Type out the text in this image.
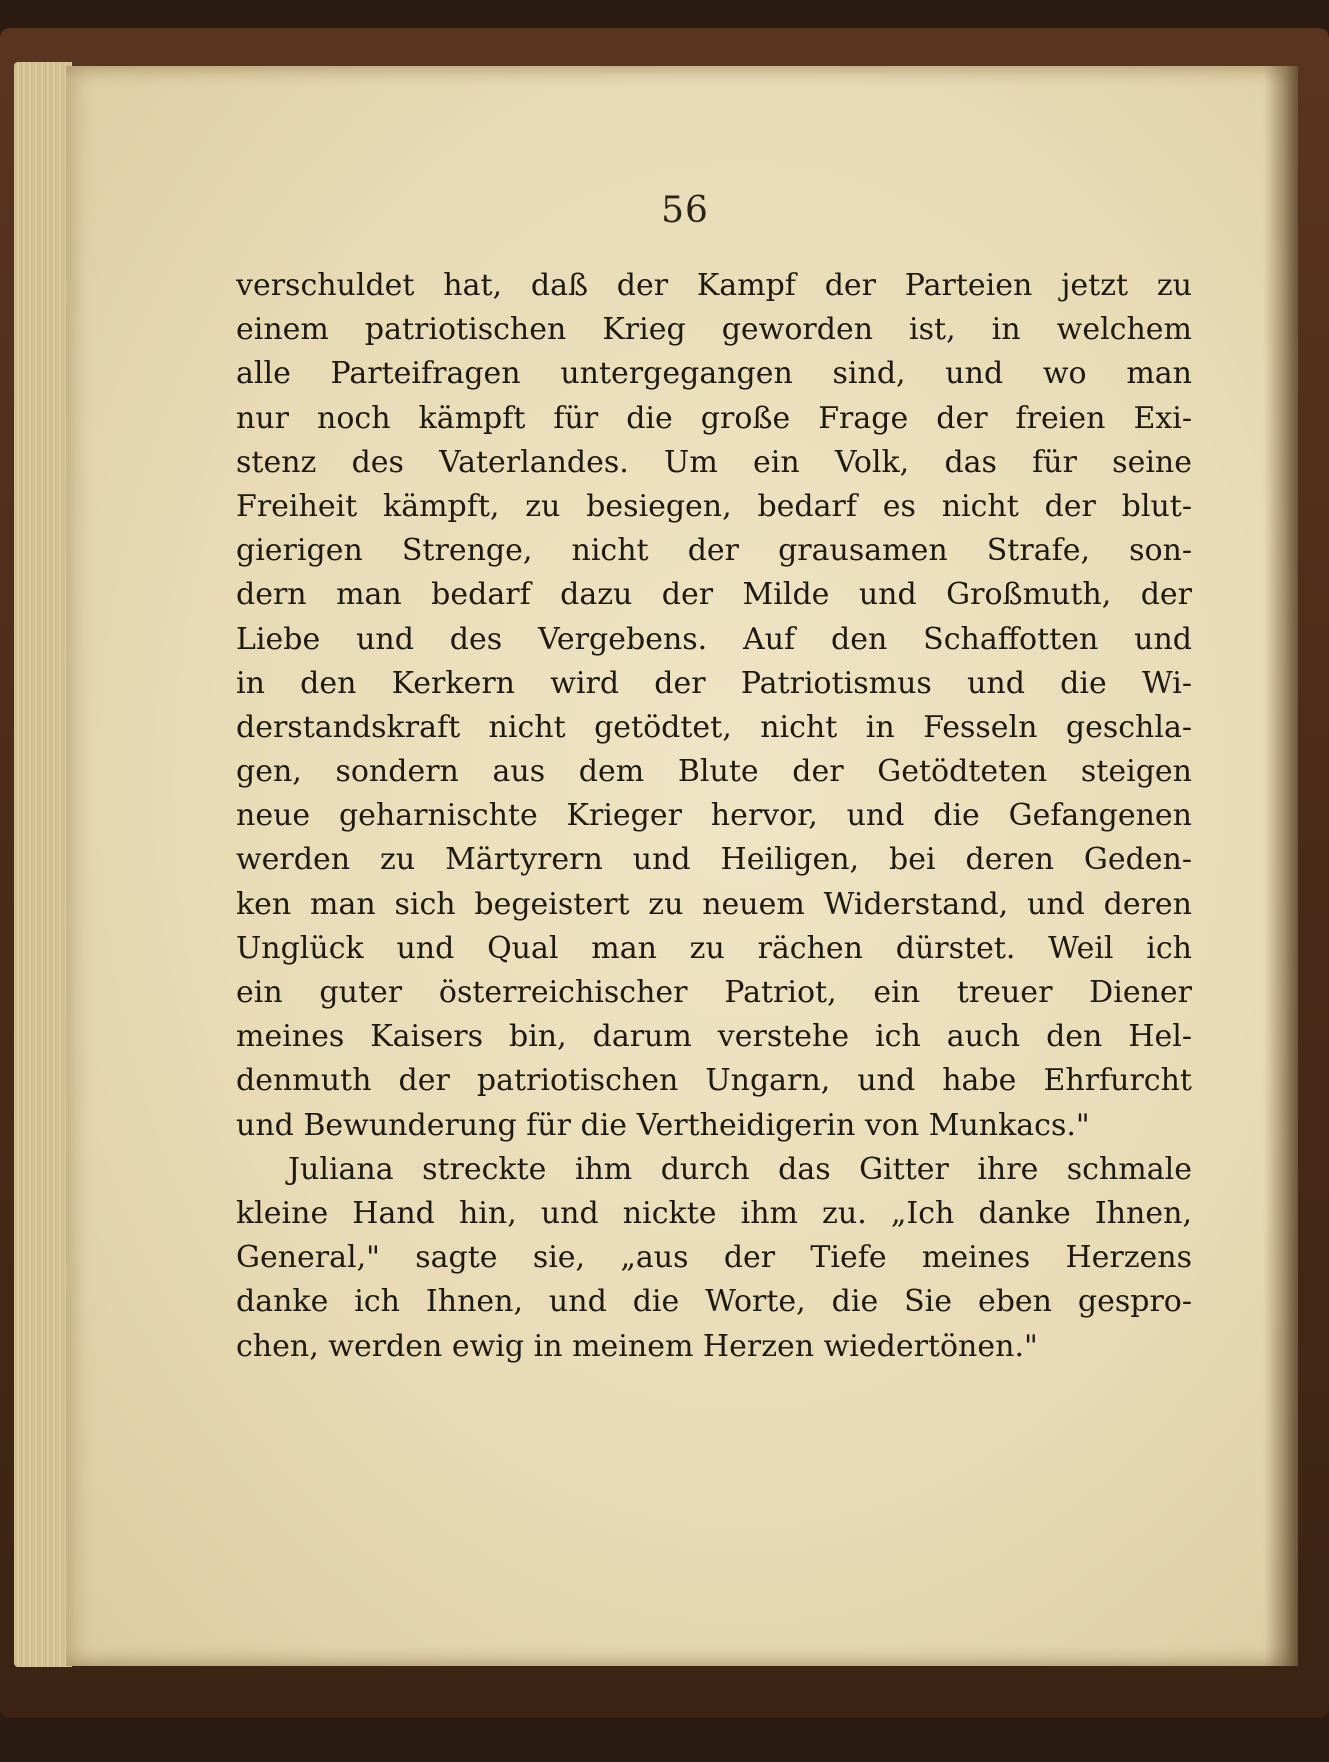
56
verschuldet hat, daß der Kampf der Parteien jetzt zu
einem patriotischen Krieg geworden ist, in welchem
alle Parteifragen untergegangen sind, und wo man
nur noch kämpft für die große Frage der freien Exi-
stenz des Vaterlandes. Um ein Volk, das für seine
Freiheit kämpft, zu besiegen, bedarf es nicht der blut-
gierigen Strenge, nicht der grausamen Strafe, son-
dern man bedarf dazu der Milde und Großmuth, der
Liebe und des Vergebens. Auf den Schaffotten und
in den Kerkern wird der Patriotismus und die Wi-
derstandskraft nicht getödtet, nicht in Fesseln geschla-
gen, sondern aus dem Blute der Getödteten steigen
neue geharnischte Krieger hervor, und die Gefangenen
werden zu Märtyrern und Heiligen, bei deren Geden-
ken man sich begeistert zu neuem Widerstand, und deren
Unglück und Qual man zu rächen dürstet. Weil ich
ein guter österreichischer Patriot, ein treuer Diener
meines Kaisers bin, darum verstehe ich auch den Hel-
denmuth der patriotischen Ungarn, und habe Ehrfurcht
und Bewunderung für die Vertheidigerin von Munkacs."
Juliana streckte ihm durch das Gitter ihre schmale
kleine Hand hin, und nickte ihm zu. „Ich danke Ihnen,
General," sagte sie, „aus der Tiefe meines Herzens
danke ich Ihnen, und die Worte, die Sie eben gespro-
chen, werden ewig in meinem Herzen wiedertönen."
